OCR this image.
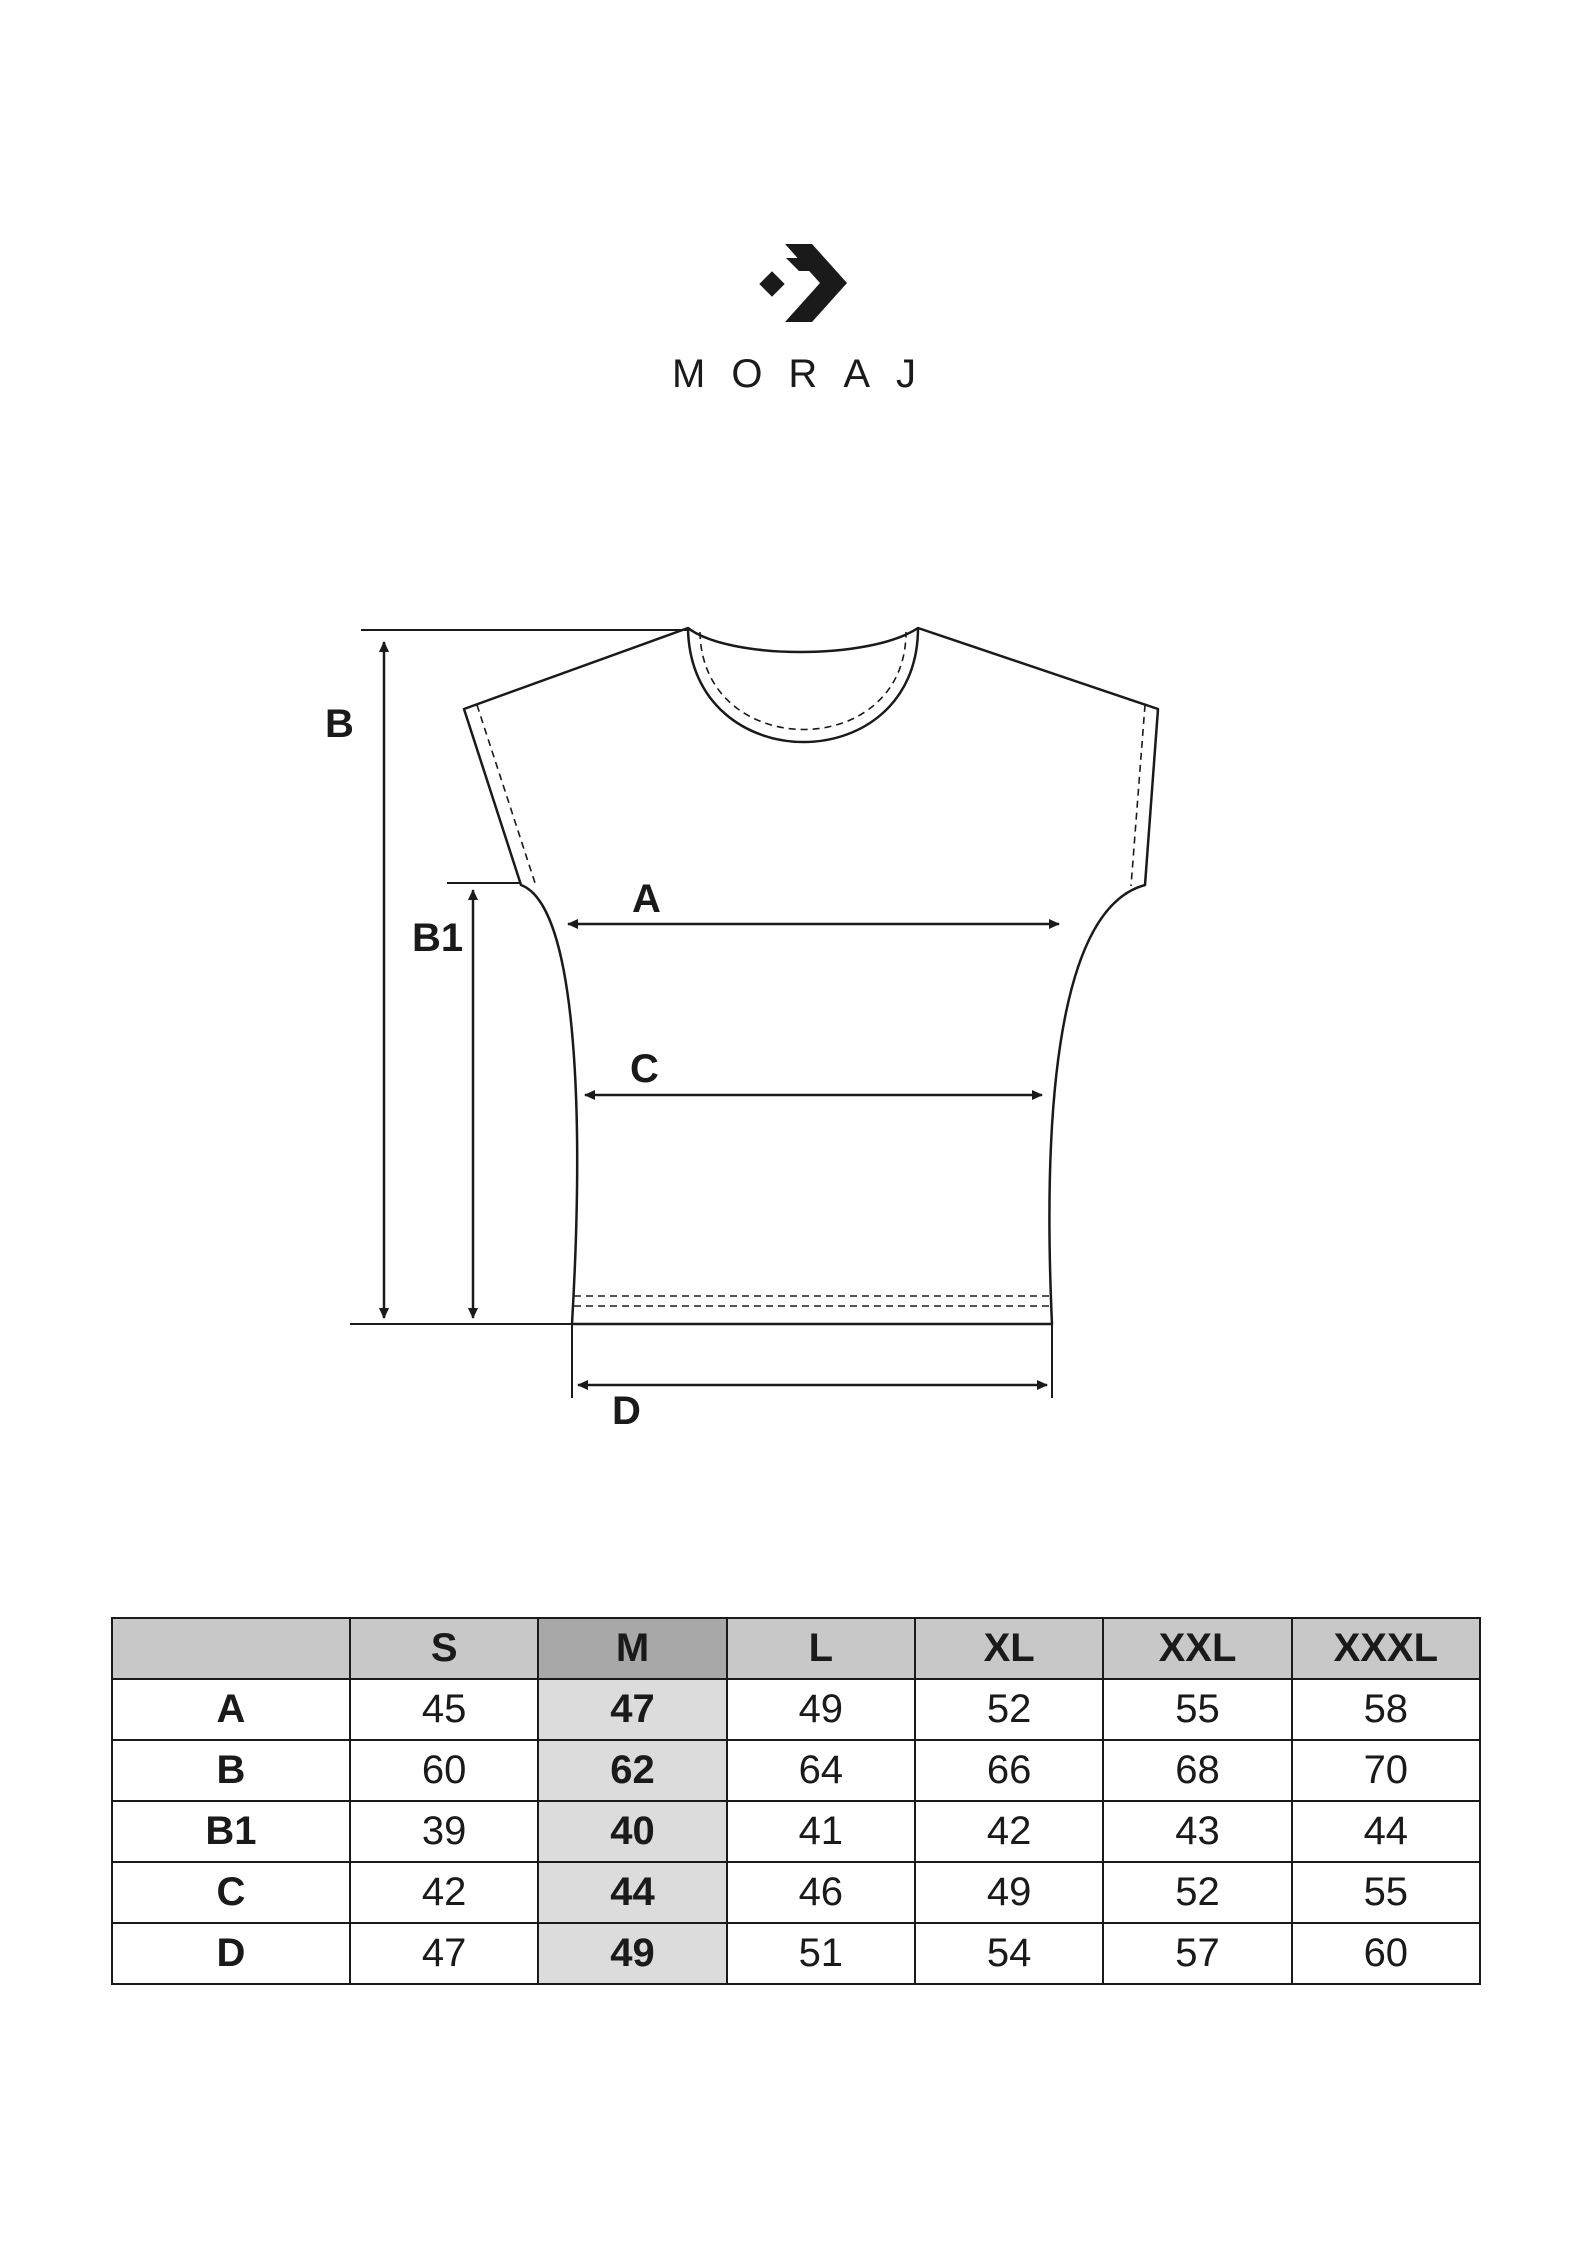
MORAJ
B
B1
A
C
D
	S	M	L	XL	XXL	XXXL
A	45	47	49	52	55	58
B	60	62	64	66	68	70
B1	39	40	41	42	43	44
C	42	44	46	49	52	55
D	47	49	51	54	57	60
